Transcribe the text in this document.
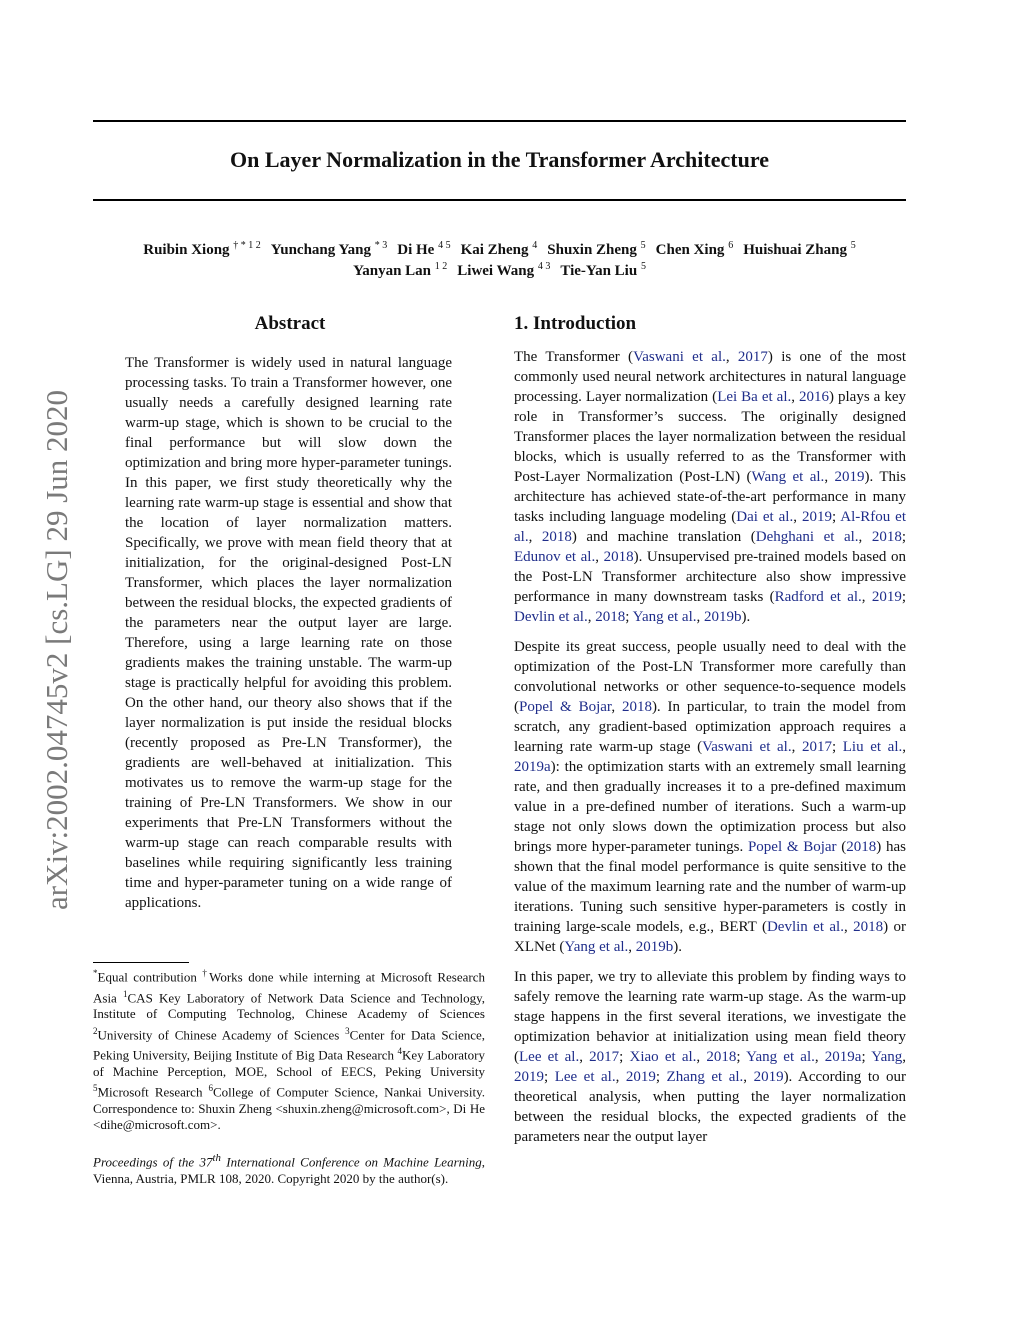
On Layer Normalization in the Transformer Architecture
Ruibin Xiong $^{\dagger * 1 2}$ Yunchang Yang $^{* 3}$ Di He $^{4 5}$ Kai Zheng $^4$ Shuxin Zheng $^5$ Chen Xing $^6$ Huishuai Zhang $^5$
Yanyan Lan $^{1 2}$ Liwei Wang $^{4 3}$ Tie-Yan Liu $^5$
arXiv:2002.04745v2 [cs.LG] 29 Jun 2020
Abstract
The Transformer is widely used in natural language processing tasks. To train a Transformer however, one usually needs a carefully designed learning rate warm-up stage, which is shown to be crucial to the final performance but will slow down the optimization and bring more hyper-parameter tunings. In this paper, we first study theoretically why the learning rate warm-up stage is essential and show that the location of layer normalization matters. Specifically, we prove with mean field theory that at initialization, for the original-designed Post-LN Transformer, which places the layer normalization between the residual blocks, the expected gradients of the parameters near the output layer are large. Therefore, using a large learning rate on those gradients makes the training unstable. The warm-up stage is practically helpful for avoiding this problem. On the other hand, our theory also shows that if the layer normalization is put inside the residual blocks (recently proposed as Pre-LN Transformer), the gradients are well-behaved at initialization. This motivates us to remove the warm-up stage for the training of Pre-LN Transformers. We show in our experiments that Pre-LN Transformers without the warm-up stage can reach comparable results with baselines while requiring significantly less training time and hyper-parameter tuning on a wide range of applications.
*Equal contribution †Works done while interning at Microsoft Research Asia $^1$CAS Key Laboratory of Network Data Science and Technology, Institute of Computing Technolog, Chinese Academy of Sciences $^2$University of Chinese Academy of Sciences $^3$Center for Data Science, Peking University, Beijing Institute of Big Data Research $^4$Key Laboratory of Machine Perception, MOE, School of EECS, Peking University $^5$Microsoft Research $^6$College of Computer Science, Nankai University. Correspondence to: Shuxin Zheng <shuxin.zheng@microsoft.com>, Di He <dihe@microsoft.com>.
Proceedings of the 37th International Conference on Machine Learning, Vienna, Austria, PMLR 108, 2020. Copyright 2020 by the author(s).
1. Introduction

The Transformer (Vaswani et al., 2017) is one of the most commonly used neural network architectures in natural language processing. Layer normalization (Lei Ba et al., 2016) plays a key role in Transformer’s success. The originally designed Transformer places the layer normalization between the residual blocks, which is usually referred to as the Transformer with Post-Layer Normalization (Post-LN) (Wang et al., 2019). This architecture has achieved state-of-the-art performance in many tasks including language modeling (Dai et al., 2019; Al-Rfou et al., 2018) and machine translation (Dehghani et al., 2018; Edunov et al., 2018). Unsupervised pre-trained models based on the Post-LN Transformer architecture also show impressive performance in many downstream tasks (Radford et al., 2019; Devlin et al., 2018; Yang et al., 2019b).

Despite its great success, people usually need to deal with the optimization of the Post-LN Transformer more carefully than convolutional networks or other sequence-to-sequence models (Popel & Bojar, 2018). In particular, to train the model from scratch, any gradient-based optimization approach requires a learning rate warm-up stage (Vaswani et al., 2017; Liu et al., 2019a): the optimization starts with an extremely small learning rate, and then gradually increases it to a pre-defined maximum value in a pre-defined number of iterations. Such a warm-up stage not only slows down the optimization process but also brings more hyper-parameter tunings. Popel & Bojar (2018) has shown that the final model performance is quite sensitive to the value of the maximum learning rate and the number of warm-up iterations. Tuning such sensitive hyper-parameters is costly in training large-scale models, e.g., BERT (Devlin et al., 2018) or XLNet (Yang et al., 2019b).

In this paper, we try to alleviate this problem by finding ways to safely remove the learning rate warm-up stage. As the warm-up stage happens in the first several iterations, we investigate the optimization behavior at initialization using mean field theory (Lee et al., 2017; Xiao et al., 2018; Yang et al., 2019a; Yang, 2019; Lee et al., 2019; Zhang et al., 2019). According to our theoretical analysis, when putting the layer normalization between the residual blocks, the expected gradients of the parameters near the output layer
